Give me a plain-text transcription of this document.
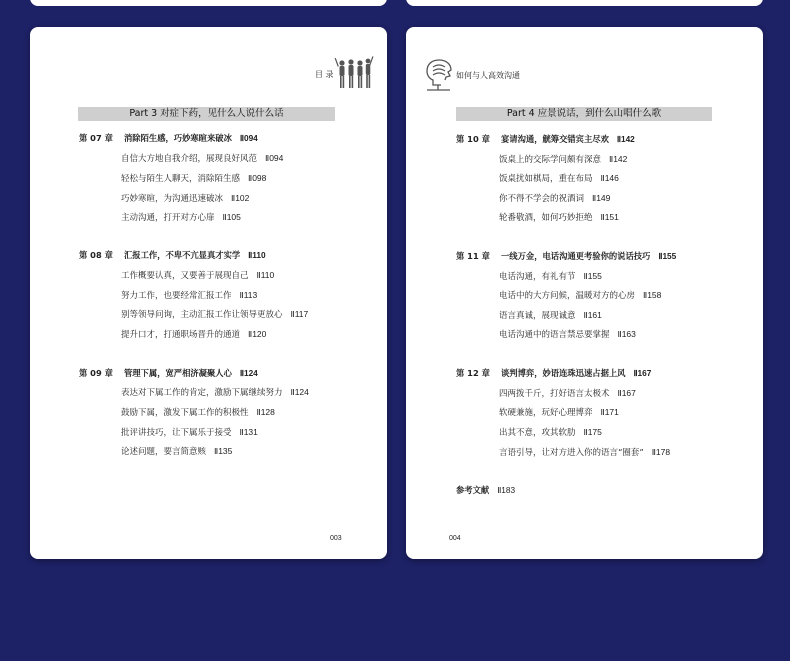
目 录
Part 3 对症下药，见什么人说什么话
第 07 章 消除陌生感，巧妙寒暄来破冰 Ⅱ094
自信大方地自我介绍，展现良好风范 Ⅱ094
轻松与陌生人聊天，消除陌生感 Ⅱ098
巧妙寒暄，为沟通迅速破冰 Ⅱ102
主动沟通，打开对方心扉 Ⅱ105
第 08 章 汇报工作，不卑不亢显真才实学 Ⅱ110
工作概要认真，又要善于展现自己 Ⅱ110
努力工作，也要经常汇报工作 Ⅱ113
别等领导问询，主动汇报工作让领导更放心 Ⅱ117
提升口才，打通职场晋升的通道 Ⅱ120
第 09 章 管理下属，宽严相济凝聚人心 Ⅱ124
表达对下属工作的肯定，激励下属继续努力 Ⅱ124
鼓励下属，激发下属工作的积极性 Ⅱ128
批评讲技巧，让下属乐于接受 Ⅱ131
论述问题，要言简意赅 Ⅱ135
003
如何与人高效沟通
Part 4 应景说话，到什么山唱什么歌
第 10 章 宴请沟通，觥筹交错宾主尽欢 Ⅱ142
饭桌上的交际学问颇有深意 Ⅱ142
饭桌扰如棋局，重在布局 Ⅱ146
你不得不学会的祝酒词 Ⅱ149
轮番敬酒，如何巧妙拒绝 Ⅱ151
第 11 章 一线万金，电话沟通更考验你的说话技巧 Ⅱ155
电话沟通，有礼有节 Ⅱ155
电话中的大方问候，温暖对方的心房 Ⅱ158
语言真诚，展现诚意 Ⅱ161
电话沟通中的语言禁忌要掌握 Ⅱ163
第 12 章 谈判博弈，妙语连珠迅速占据上风 Ⅱ167
四两拨千斤，打好语言太极术 Ⅱ167
软硬兼施，玩好心理博弈 Ⅱ171
出其不意，攻其软肋 Ⅱ175
言语引导，让对方进入你的语言“圈套” Ⅱ178
参考文献 Ⅱ183
004
